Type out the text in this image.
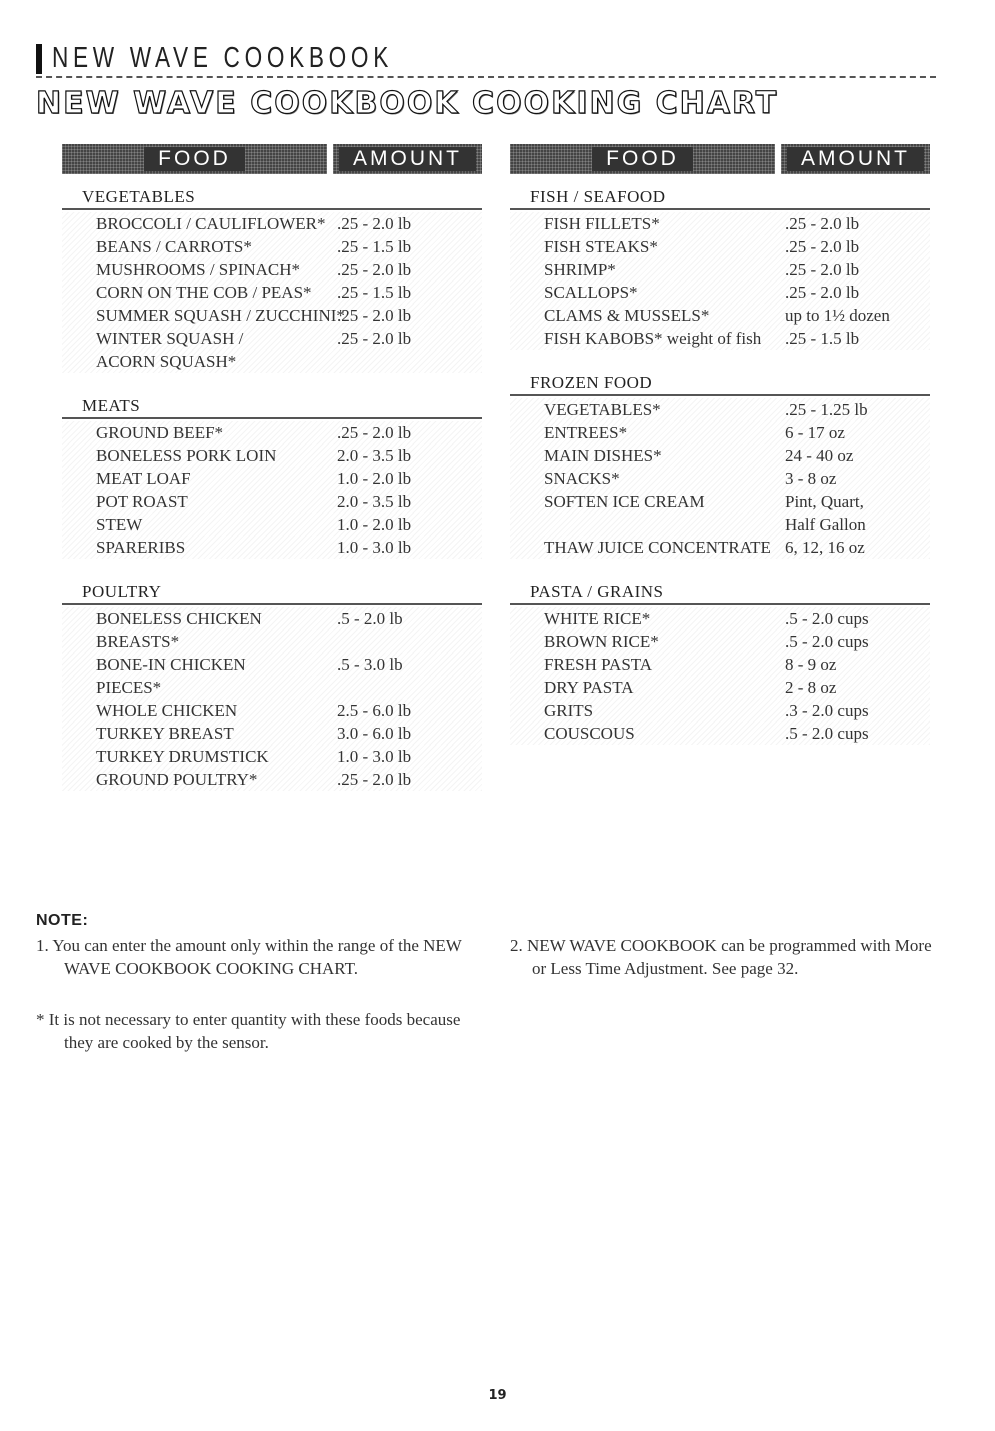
NEW WAVE COOKBOOK
NEW WAVE COOKBOOK COOKING CHART
FOOD	AMOUNT
VEGETABLES
BROCCOLI / CAULIFLOWER* .25 - 2.0 lb
BEANS / CARROTS*	.25 - 1.5 lb
MUSHROOMS / SPINACH*	.25 - 2.0 lb
CORN ON THE COB / PEAS*	.25 - 1.5 lb
SUMMER SQUASH / ZUCCHINI*
.25 - 2.0 lb
WINTER SQUASH /	.25 - 2.0 lb
ACORN SQUASH*
MEATS
GROUND BEEF*	.25 - 2.0 lb
BONELESS PORK LOIN	2.0 - 3.5 lb
MEAT LOAF	1.0 - 2.0 lb
POT ROAST	2.0 - 3.5 lb
STEW	1.0 - 2.0 lb
SPARERIBS	1.0 - 3.0 lb
POULTRY
BONELESS CHICKEN	.5 - 2.0 lb
BREASTS*
BONE-IN CHICKEN	.5 - 3.0 lb
PIECES*
WHOLE CHICKEN	2.5 - 6.0 lb
TURKEY BREAST	3.0 - 6.0 lb
TURKEY DRUMSTICK	1.0 - 3.0 lb
GROUND POULTRY*	.25 - 2.0 lb
FOOD	AMOUNT
FISH / SEAFOOD
FISH FILLETS*	.25 - 2.0 lb
FISH STEAKS*	.25 - 2.0 lb
SHRIMP*	.25 - 2.0 lb
SCALLOPS*	.25 - 2.0 lb
CLAMS & MUSSELS*	up to 1½ dozen
FISH KABOBS* weight of fish	.25 - 1.5 lb
FROZEN FOOD
VEGETABLES*	.25 - 1.25 lb
ENTREES*	6 - 17 oz
MAIN DISHES*	24 - 40 oz
SNACKS*	3 - 8 oz
SOFTEN ICE CREAM	Pint, Quart,
Half Gallon
THAW JUICE CONCENTRATE 6, 12, 16 oz
PASTA / GRAINS
WHITE RICE*	.5 - 2.0 cups
BROWN RICE*	.5 - 2.0 cups
FRESH PASTA	8 - 9 oz
DRY PASTA	2 - 8 oz
GRITS	.3 - 2.0 cups
COUSCOUS	.5 - 2.0 cups
NOTE:
1. You can enter the amount only within the range of the NEW WAVE COOKBOOK COOKING CHART.
* It is not necessary to enter quantity with these foods because they are cooked by the sensor.
2. NEW WAVE COOKBOOK can be programmed with More or Less Time Adjustment. See page 32.
19
